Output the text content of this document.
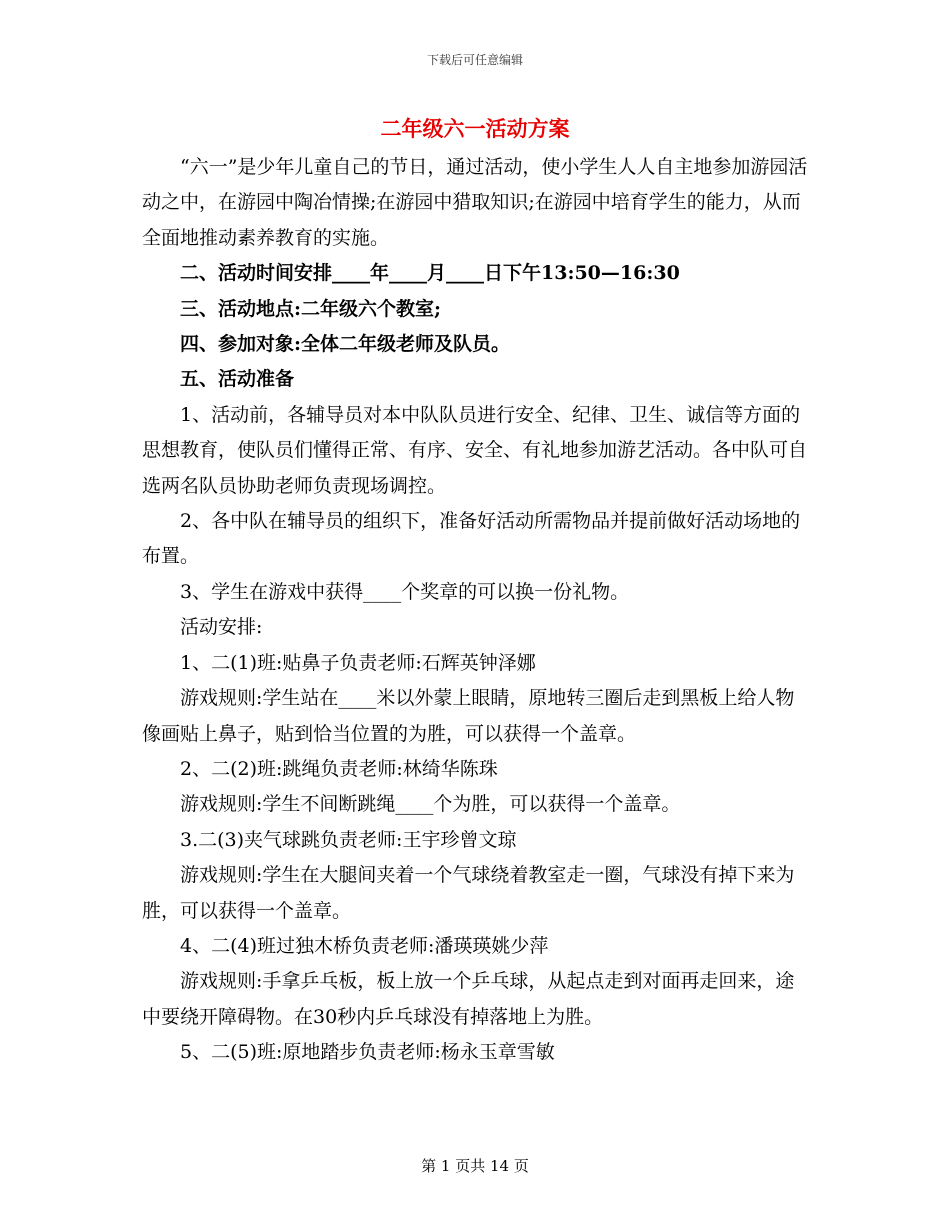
下载后可任意编辑
二年级六一活动方案

“六一”是少年儿童自己的节日，通过活动，使小学生人人自主地参加游园活动之中，在游园中陶冶情操;在游园中猎取知识;在游园中培育学生的能力，从而全面地推动素养教育的实施。

二、活动时间安排____年____月____日下午13:50—16:30

三、活动地点:二年级六个教室;

四、参加对象:全体二年级老师及队员。

五、活动准备

1、活动前，各辅导员对本中队队员进行安全、纪律、卫生、诚信等方面的思想教育，使队员们懂得正常、有序、安全、有礼地参加游艺活动。各中队可自选两名队员协助老师负责现场调控。

2、各中队在辅导员的组织下，准备好活动所需物品并提前做好活动场地的布置。

3、学生在游戏中获得____个奖章的可以换一份礼物。

活动安排:

1、二(1)班:贴鼻子负责老师:石辉英钟泽娜

游戏规则:学生站在____米以外蒙上眼睛，原地转三圈后走到黑板上给人物像画贴上鼻子，贴到恰当位置的为胜，可以获得一个盖章。

2、二(2)班:跳绳负责老师:林绮华陈珠

游戏规则:学生不间断跳绳____个为胜，可以获得一个盖章。

3.二(3)夹气球跳负责老师:王宇珍曾文琼

游戏规则:学生在大腿间夹着一个气球绕着教室走一圈，气球没有掉下来为胜，可以获得一个盖章。

4、二(4)班过独木桥负责老师:潘瑛瑛姚少萍

游戏规则:手拿乒乓板，板上放一个乒乓球，从起点走到对面再走回来，途中要绕开障碍物。在30秒内乒乓球没有掉落地上为胜。

5、二(5)班:原地踏步负责老师:杨永玉章雪敏

第 1 页共 14 页
